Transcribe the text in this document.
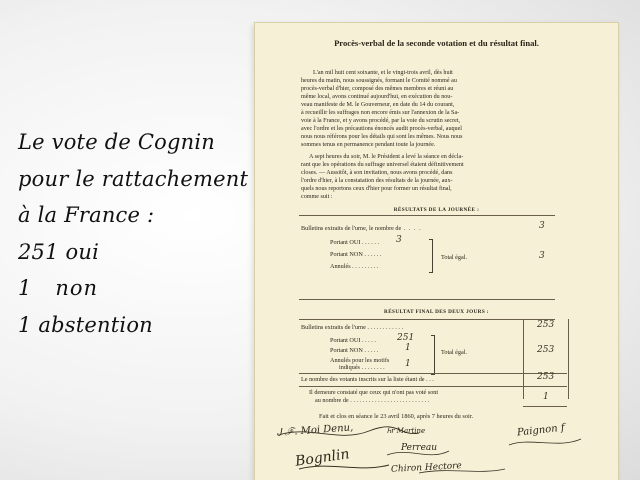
Le vote de Cognin
pour le rattachement
à la France :
251 oui
1   non
1 abstention
Procès-verbal de la seconde votation et du résultat final.
L'an mil huit cent soixante, et le vingt-trois avril, dès huit
heures du matin, nous soussignés, formant le Comité nommé au
procès-verbal d'hier, composé des mêmes membres et réuni au
même local, avons continué aujourd'hui, en exécution du nou-
veau manifeste de M. le Gouverneur, en date du 14 du courant,
à recueillir les suffrages non encore émis sur l'annexion de la Sa-
voie à la France, et y avons procédé, par la voie du scrutin secret,
avec l'ordre et les précautions énoncés audit procès-verbal, auquel
nous nous référons pour les détails qui sont les mêmes. Nous nous
sommes tenus en permanence pendant toute la journée.
A sept heures du soir, M. le Président a levé la séance en décla-
rant que les opérations du suffrage universel étaient définitivement
closes. — Aussitôt, à son invitation, nous avons procédé, dans
l'ordre d'hier, à la constatation des résultats de la journée, aux-
quels nous reportons ceux d'hier pour former un résultat final,
comme suit :
RÉSULTATS DE LA JOURNÉE :
Bulletins extraits de l'urne, le nombre de . . . .	3
Portant OUI . . . . . . 3
Portant NON . . . . . .
Annulés . . . . . . . . .
Total égal.	3
RÉSULTAT FINAL DES DEUX JOURS :
Bulletins extraits de l'urne . . . . . . . . . . . .	253
Portant OUI . . . . . 251
Portant NON . . . . .	1
Annulés pour les motifs
indiqués . . . . . . . . 1
Total égal.	253
Le nombre des votants inscrits sur la liste étant de . . .	253
Il demeure constaté que ceux qui n'ont pas voté sont
au nombre de . . . . . . . . . . . . . . . . . . . . . . . . . .	1
Fait et clos en séance le 23 avril 1860, après 7 heures du soir.
Ꭻ ℱ. Moi Denu,	Ꮒr Martine	Paignon f
Perreau
Bognlin	Chiron Hectore
